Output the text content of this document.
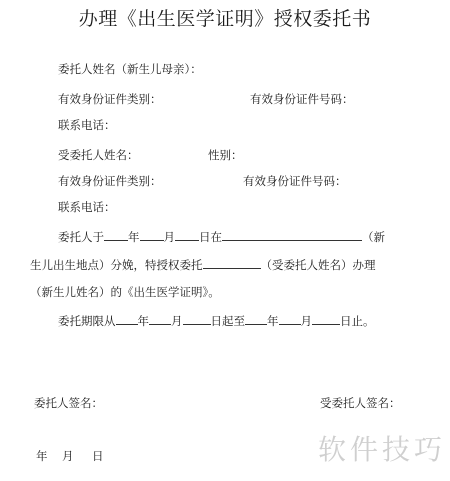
办理《出生医学证明》授权委托书
委托人姓名（新生儿母亲）：
有效身份证件类别：	有效身份证件号码：
联系电话：
受委托人姓名：	性别：
有效身份证件类别：	有效身份证件号码：
联系电话：
委托人于 年 月 日在	（新
生儿出生地点）分娩，特授权委托	（受委托人姓名）办理
（新生儿姓名）的《出生医学证明》。
委托期限从 年 月 日起至 年 月 日止。
委托人签名：	受委托人签名：
年 月 日	软件技巧
